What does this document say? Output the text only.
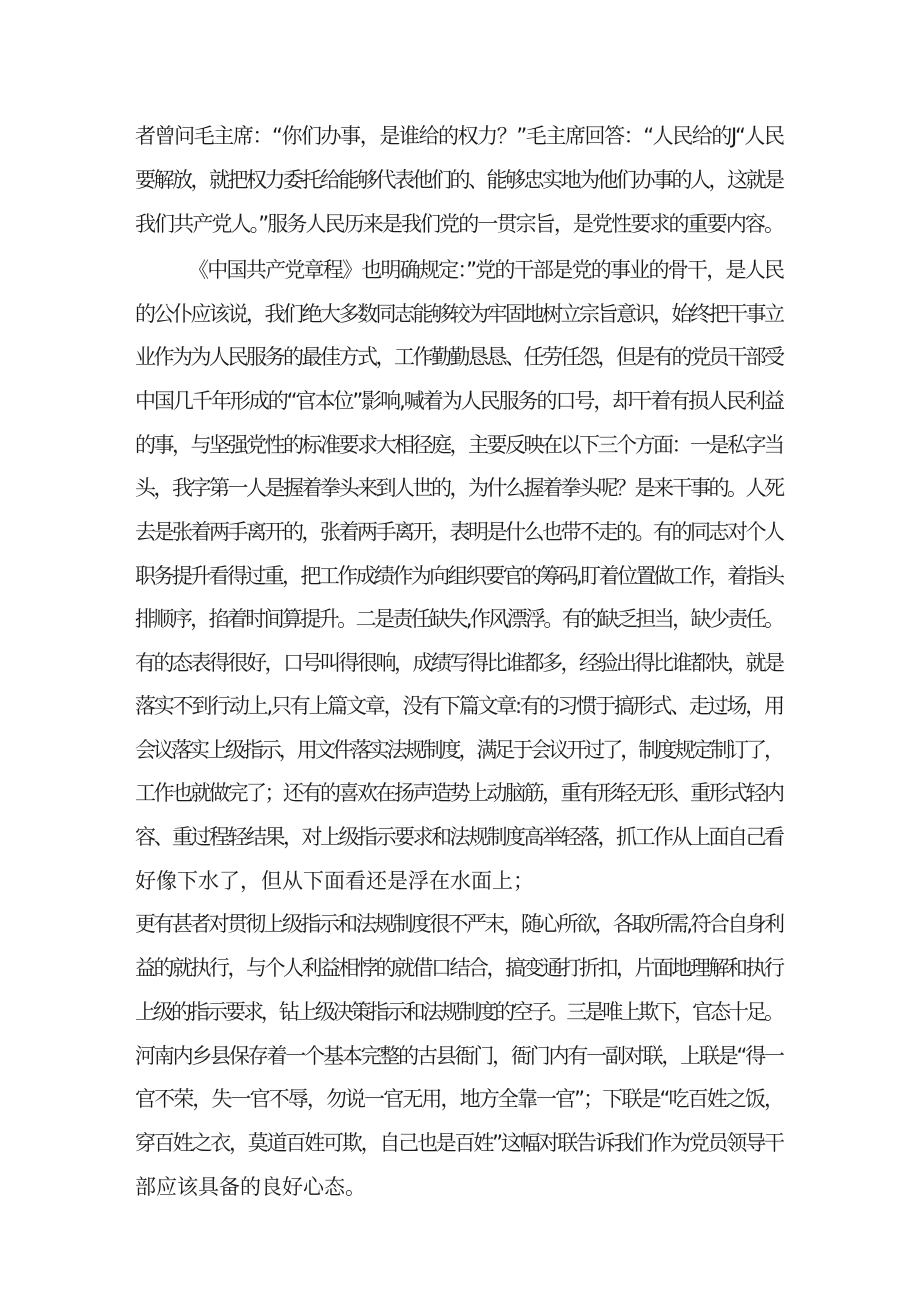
者曾问毛主席：“你们办事，是谁给的权力？”毛主席回答：“人民给的J“人民
要解放，就把权力委托给能够代表他们的、能够忠实地为他们办事的人，这就是
我们共产党人。”服务人民历来是我们党的一贯宗旨，是党性要求的重要内容。
《中国共产党章程》也明确规定：”党的干部是党的事业的骨干，是人民
的公仆应该说，我们绝大多数同志能够较为牢固地树立宗旨意识，始终把干事立
业作为为人民服务的最佳方式，工作勤勤恳恳、任劳任怨，但是有的党员干部受
中国几千年形成的“官本位”影响,喊着为人民服务的口号，却干着有损人民利益
的事，与坚强党性的标准要求大相径庭，主要反映在以下三个方面：一是私字当
头，我字第一人是握着拳头来到人世的，为什么握着拳头呢？是来干事的。人死
去是张着两手离开的，张着两手离开，表明是什么也带不走的。有的同志对个人
职务提升看得过重，把工作成绩作为向组织要官的筹码,盯着位置做工作，着指头
排顺序，掐着时间算提升。二是责任缺失,作风漂浮。有的缺乏担当，缺少责任。
有的态表得很好，口号叫得很响，成绩写得比谁都多，经验出得比谁都快，就是
落实不到行动上,只有上篇文章，没有下篇文章:有的习惯于搞形式、走过场，用
会议落实上级指示，用文件落实法规制度，满足于会议开过了，制度规定制订了，
工作也就做完了；还有的喜欢在扬声造势上动脑筋，重有形轻无形、重形式轻内
容、重过程轻结果，对上级指示要求和法规制度高举轻落，抓工作从上面自己看
好像下水了，但从下面看还是浮在水面上；
更有甚者对贯彻上级指示和法规制度很不严末，随心所欲，各取所需,符合自身利
益的就执行，与个人利益相悖的就借口结合，搞变通打折扣，片面地理解和执行
上级的指示要求，钻上级决策指示和法规制度的空子。三是唯上欺下，官态十足。
河南内乡县保存着一个基本完整的古县衙门，衙门内有一副对联，上联是“得一
官不荣，失一官不辱，勿说一官无用，地方全靠一官”；下联是“吃百姓之饭，
穿百姓之衣，莫道百姓可欺，自己也是百姓”这幅对联告诉我们作为党员领导干
部应该具备的良好心态。
